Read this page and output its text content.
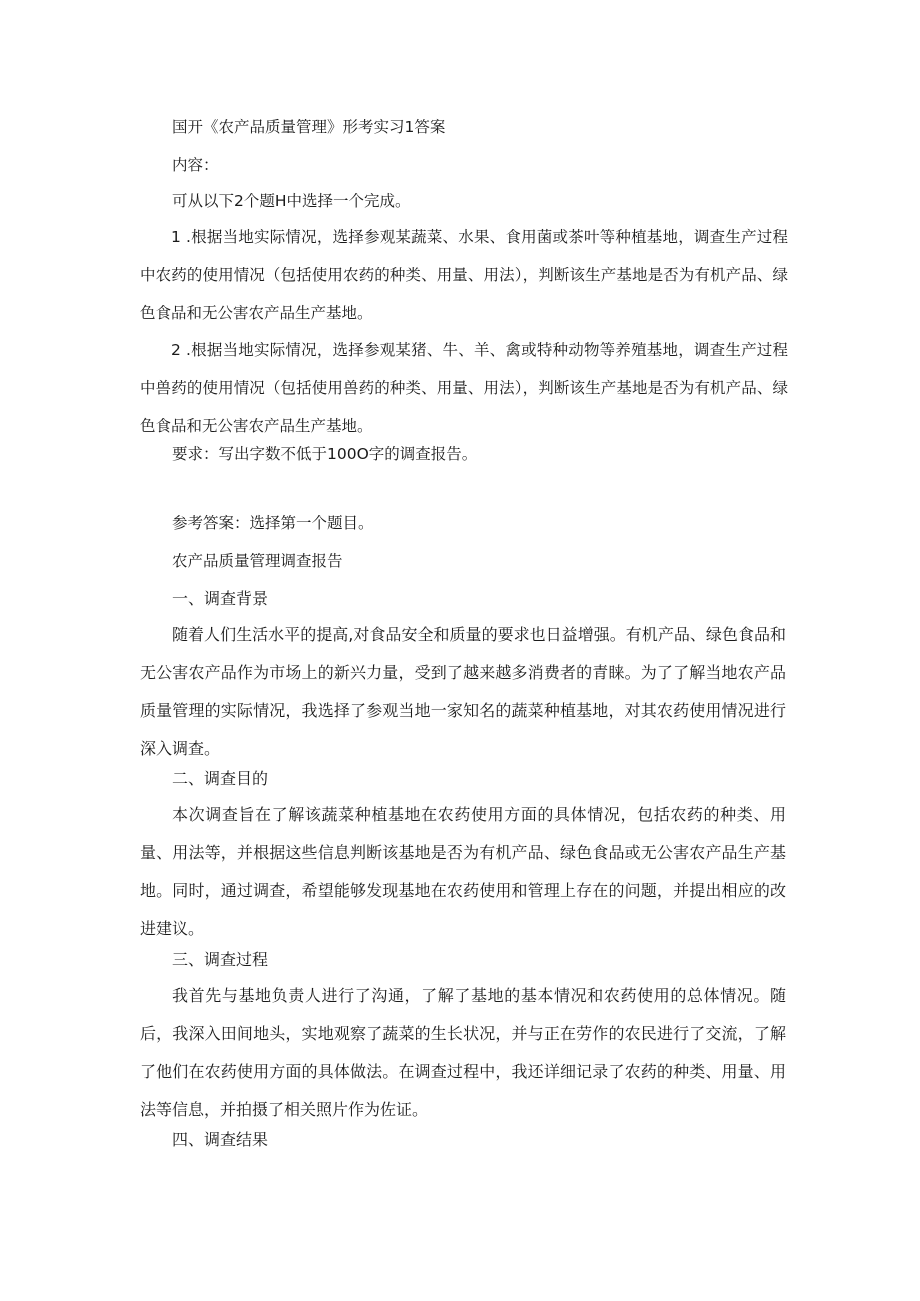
国开《农产品质量管理》形考实习1答案

内容：

可从以下2个题H中选择一个完成。

1 .根据当地实际情况，选择参观某蔬菜、水果、食用菌或茶叶等种植基地，调查生产过程中农药的使用情况（包括使用农药的种类、用量、用法），判断该生产基地是否为有机产品、绿色食品和无公害农产品生产基地。

2 .根据当地实际情况，选择参观某猪、牛、羊、禽或特种动物等养殖基地，调查生产过程中兽药的使用情况（包括使用兽药的种类、用量、用法），判断该生产基地是否为有机产品、绿色食品和无公害农产品生产基地。

要求：写出字数不低于100O字的调查报告。

参考答案：选择第一个题目。

农产品质量管理调查报告

一、调查背景

随着人们生活水平的提高,对食品安全和质量的要求也日益增强。有机产品、绿色食品和无公害农产品作为市场上的新兴力量，受到了越来越多消费者的青睐。为了了解当地农产品质量管理的实际情况，我选择了参观当地一家知名的蔬菜种植基地，对其农药使用情况进行深入调查。

二、调查目的

本次调查旨在了解该蔬菜种植基地在农药使用方面的具体情况，包括农药的种类、用量、用法等，并根据这些信息判断该基地是否为有机产品、绿色食品或无公害农产品生产基地。同时，通过调查，希望能够发现基地在农药使用和管理上存在的问题，并提出相应的改进建议。

三、调查过程

我首先与基地负责人进行了沟通，了解了基地的基本情况和农药使用的总体情况。随后，我深入田间地头，实地观察了蔬菜的生长状况，并与正在劳作的农民进行了交流，了解了他们在农药使用方面的具体做法。在调查过程中，我还详细记录了农药的种类、用量、用法等信息，并拍摄了相关照片作为佐证。

四、调查结果
